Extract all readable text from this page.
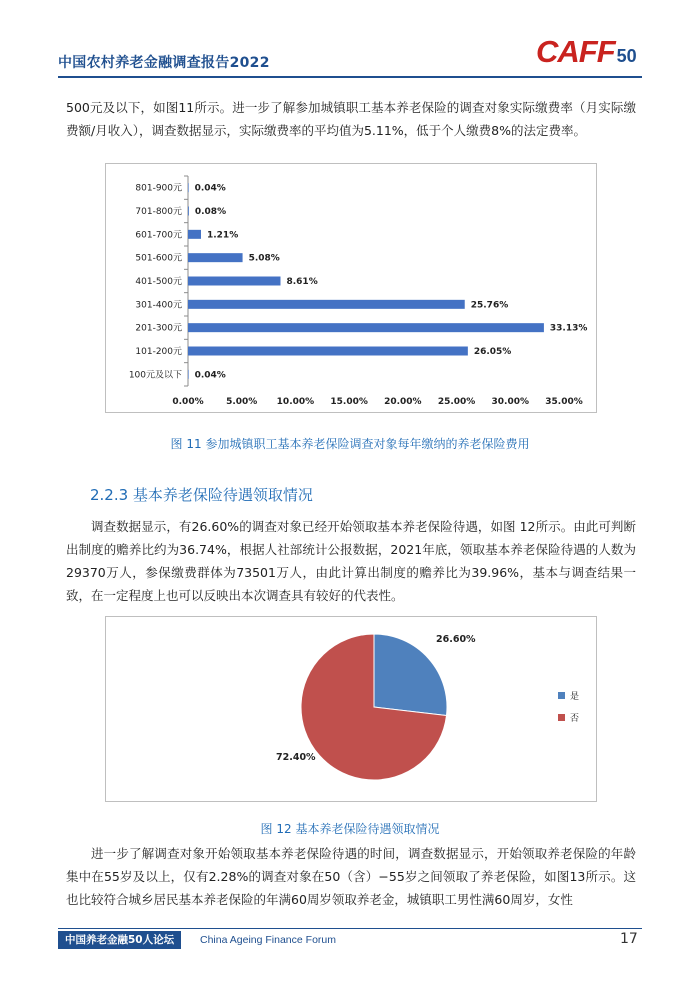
中国农村养老金融调查报告2022	CAFF 50
500元及以下，如图11所示。进一步了解参加城镇职工基本养老保险的调查对象实际缴费率（月实际缴费额/月收入），调查数据显示，实际缴费率的平均值为5.11%，低于个人缴费8%的法定费率。
801-900元 0.04%
701-800元 0.08%
601-700元	1.21%
501-600元	5.08%
401-500元	8.61%
301-400元	25.76%
201-300元	33.13%
101-200元	26.05%
100元及以下 0.04%
0.00% 5.00% 10.00% 15.00% 20.00% 25.00% 30.00% 35.00%
图 11 参加城镇职工基本养老保险调查对象每年缴纳的养老保险费用
2.2.3 基本养老保险待遇领取情况
调查数据显示，有26.60%的调查对象已经开始领取基本养老保险待遇，如图 12所示。由此可判断出制度的赡养比约为36.74%，根据人社部统计公报数据，2021年底，领取基本养老保险待遇的人数为29370万人，参保缴费群体为73501万人，由此计算出制度的赡养比为39.96%，基本与调查结果一致，在一定程度上也可以反映出本次调查具有较好的代表性。
26.60%
72.40%
是
否
图 12 基本养老保险待遇领取情况
进一步了解调查对象开始领取基本养老保险待遇的时间，调查数据显示，开始领取养老保险的年龄集中在55岁及以上，仅有2.28%的调查对象在50（含）−55岁之间领取了养老保险，如图13所示。这也比较符合城乡居民基本养老保险的年满60周岁领取养老金，城镇职工男性满60周岁，女性
中国养老金融50人论坛	China Ageing Finance Forum	17
